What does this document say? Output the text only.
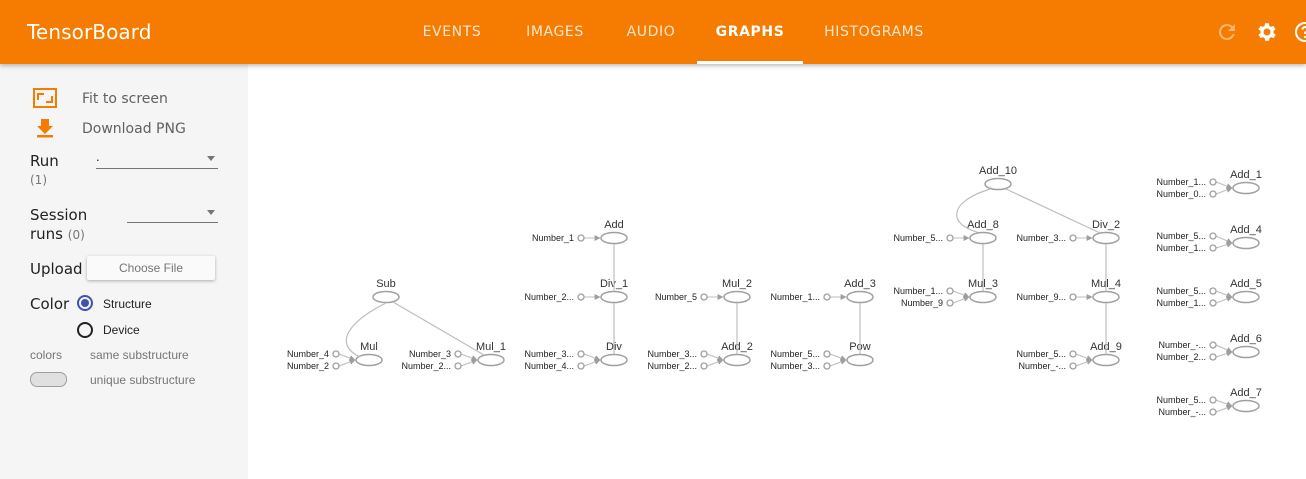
TensorBoard	EVENTS	IMAGES	AUDIO	GRAPHS	HISTOGRAMS
Fit to screen
Download PNG
Run
(1)
.
Session
runs (0)
Upload	Choose File
Color	Structure
Device
colors same substructure
unique substructure
Sub
Mul	Mul_1
Add
Div_1
Div
Mul_2
Add_2
Add_3
Pow
Add_10
Add_8
Mul_3
Div_2
Mul_4
Add_9
Add_1
Add_4
Add_5
Add_6
Add_7
Number_4
Number_2
Number_3
Number_2...
Number_1
Number_2...
Number_3...
Number_4...
Number_5
Number_3...
Number_2...
Number_1...
Number_5...
Number_3...
Number_5...
Number_1...
Number_9
Number_3...
Number_9...
Number_5...
Number_-...
Number_1...
Number_0...
Number_5...
Number_1...
Number_5...
Number_1...
Number_-...
Number_2...
Number_5...
Number_-...
